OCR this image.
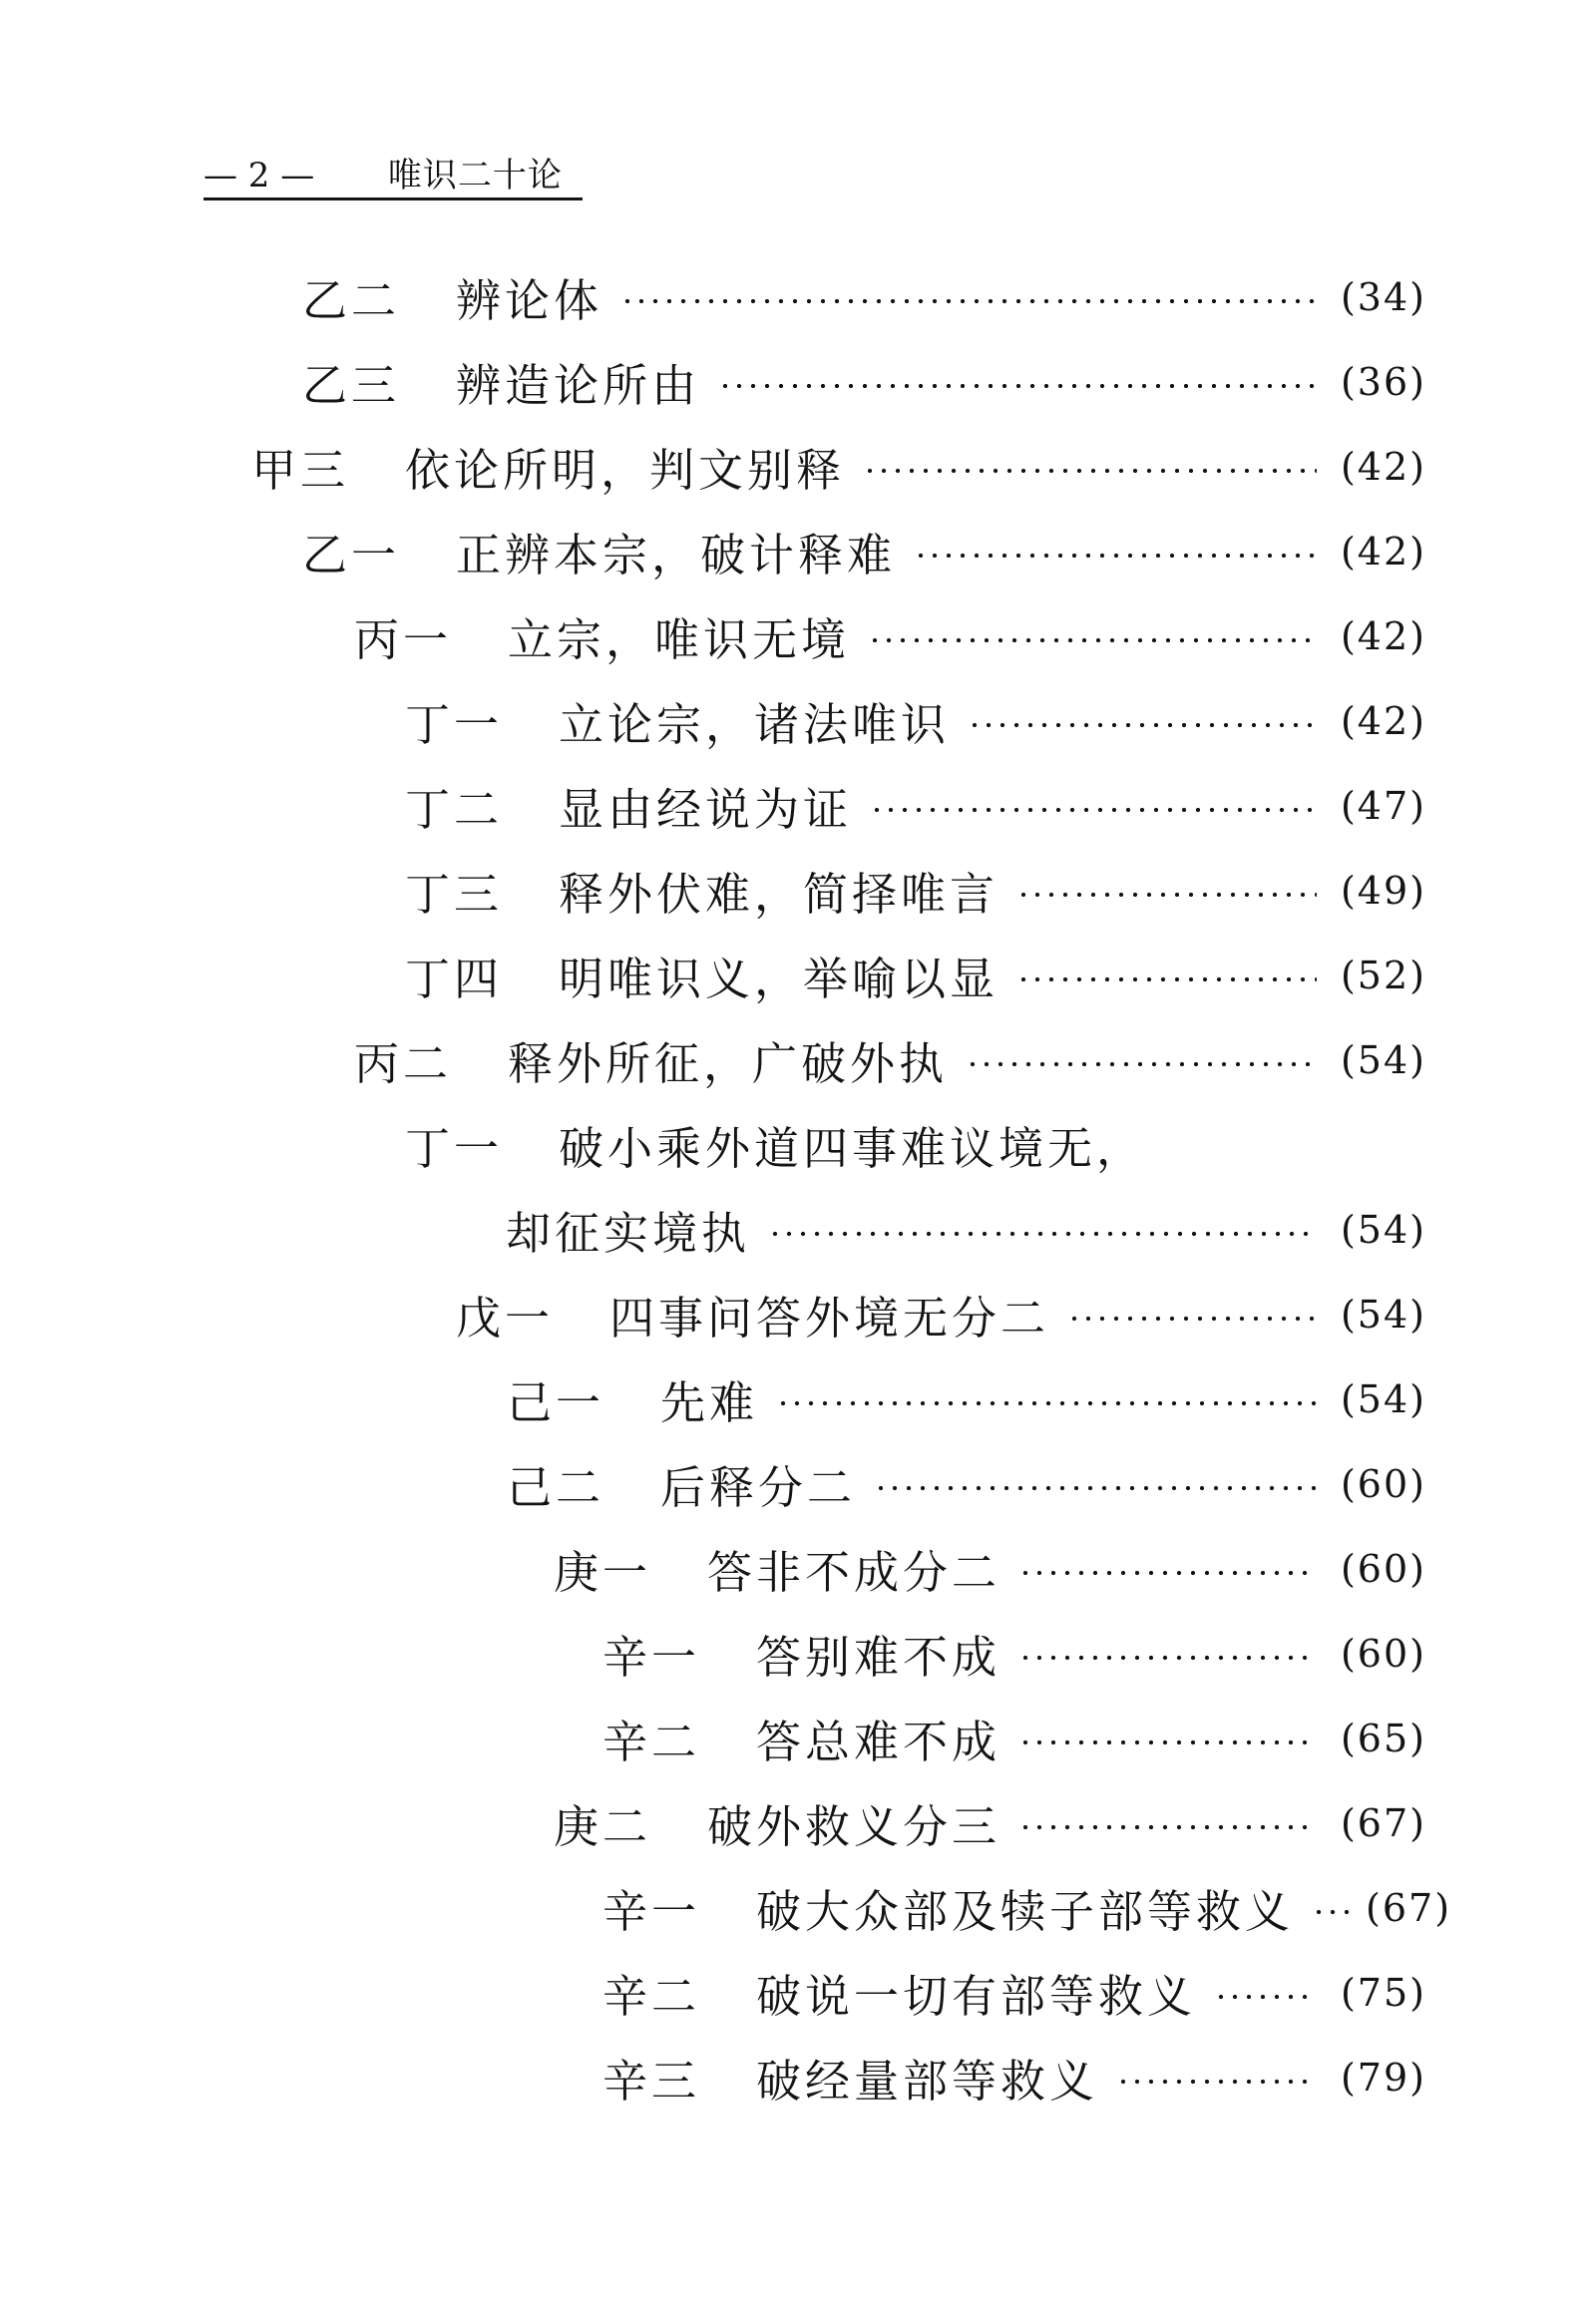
— 2 — 唯识二十论
乙二 辨论体	(34)
乙三 辨造论所由	(36)
甲三 依论所明，判文别释	(42)
乙一 正辨本宗，破计释难	(42)
丙一 立宗，唯识无境	(42)
丁一 立论宗，诸法唯识	(42)
丁二 显由经说为证	(47)
丁三 释外伏难，简择唯言	(49)
丁四 明唯识义，举喻以显	(52)
丙二 释外所征，广破外执	(54)
丁一 破小乘外道四事难议境无，
却征实境执	(54)
戊一 四事问答外境无分二	(54)
己一 先难	(54)
己二 后释分二	(60)
庚一 答非不成分二	(60)
辛一 答别难不成	(60)
辛二 答总难不成	(65)
庚二 破外救义分三	(67)
辛一 破大众部及犊子部等救义 (67)
辛二 破说一切有部等救义	(75)
辛三 破经量部等救义	(79)
